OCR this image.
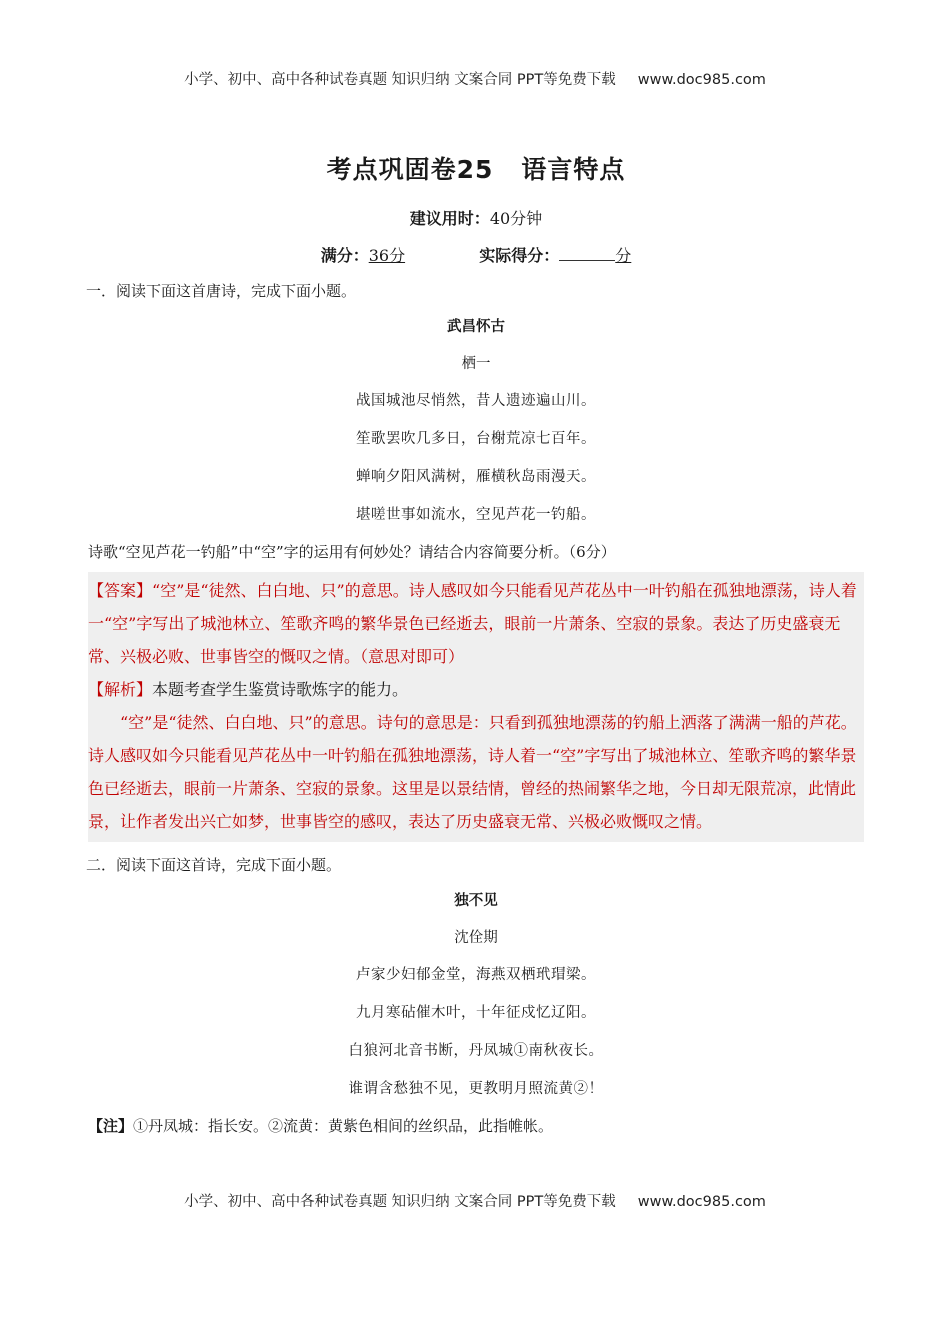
小学、初中、高中各种试卷真题 知识归纳 文案合同 PPT等免费下载 www.doc985.com
考点巩固卷25 语言特点
建议用时：40分钟
满分：36分	实际得分：	分

一．阅读下面这首唐诗，完成下面小题。

武昌怀古

栖一

战国城池尽悄然，昔人遗迹遍山川。

笙歌罢吹几多日，台榭荒凉七百年。

蝉响夕阳风满树，雁横秋岛雨漫天。

堪嗟世事如流水，空见芦花一钓船。

诗歌“空见芦花一钓船”中“空”字的运用有何妙处？请结合内容简要分析。（6分）

【答案】“空”是“徒然、白白地、只”的意思。诗人感叹如今只能看见芦花丛中一叶钓船在孤独地漂荡，诗人着一“空”字写出了城池林立、笙歌齐鸣的繁华景色已经逝去，眼前一片萧条、空寂的景象。表达了历史盛衰无常、兴极必败、世事皆空的慨叹之情。（意思对即可）

【解析】本题考查学生鉴赏诗歌炼字的能力。

“空”是“徒然、白白地、只”的意思。诗句的意思是：只看到孤独地漂荡的钓船上洒落了满满一船的芦花。诗人感叹如今只能看见芦花丛中一叶钓船在孤独地漂荡，诗人着一“空”字写出了城池林立、笙歌齐鸣的繁华景色已经逝去，眼前一片萧条、空寂的景象。这里是以景结情，曾经的热闹繁华之地，今日却无限荒凉，此情此景，让作者发出兴亡如梦，世事皆空的感叹，表达了历史盛衰无常、兴极必败慨叹之情。

二．阅读下面这首诗，完成下面小题。

独不见

沈佺期

卢家少妇郁金堂，海燕双栖玳瑁梁。

九月寒砧催木叶，十年征戍忆辽阳。

白狼河北音书断，丹凤城①南秋夜长。

谁谓含愁独不见，更教明月照流黄②！

【注】①丹凤城：指长安。②流黄：黄紫色相间的丝织品，此指帷帐。

小学、初中、高中各种试卷真题 知识归纳 文案合同 PPT等免费下载 www.doc985.com
